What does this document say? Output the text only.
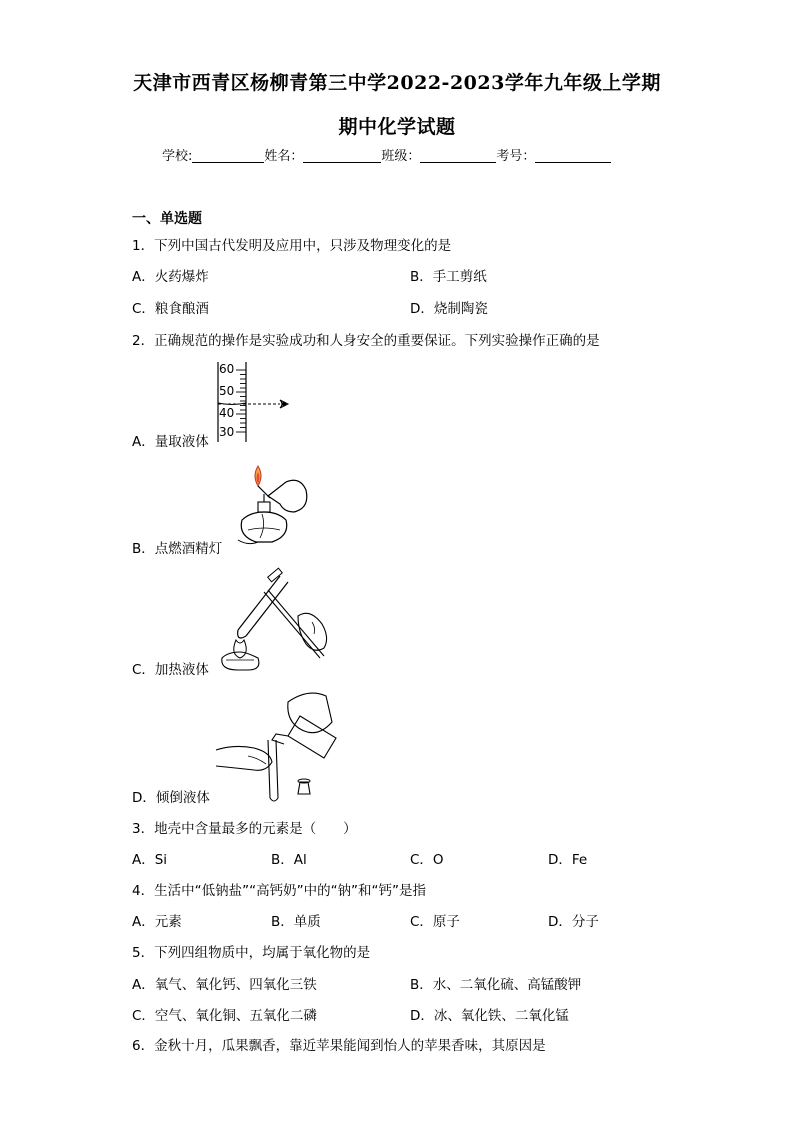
天津市西青区杨柳青第三中学2022-2023学年九年级上学期
期中化学试题
学校:	姓名：	班级：	考号：
一、单选题
1．下列中国古代发明及应用中，只涉及物理变化的是
A．火药爆炸	B．手工剪纸
C．粮食酿酒	D．烧制陶瓷
2．正确规范的操作是实验成功和人身安全的重要保证。下列实验操作正确的是
60
50
40
30
A．量取液体
B．点燃酒精灯
C．加热液体
D．倾倒液体
3．地壳中含量最多的元素是（　　）
A．Si	B．Al	C．O	D．Fe
4．生活中“低钠盐”“高钙奶”中的“钠”和“钙”是指
A．元素	B．单质	C．原子	D．分子
5．下列四组物质中，均属于氧化物的是
A．氧气、氧化钙、四氧化三铁	B．水、二氧化硫、高锰酸钾
C．空气、氧化铜、五氧化二磷	D．冰、氧化铁、二氧化锰
6．金秋十月，瓜果飘香，靠近苹果能闻到怡人的苹果香味，其原因是
